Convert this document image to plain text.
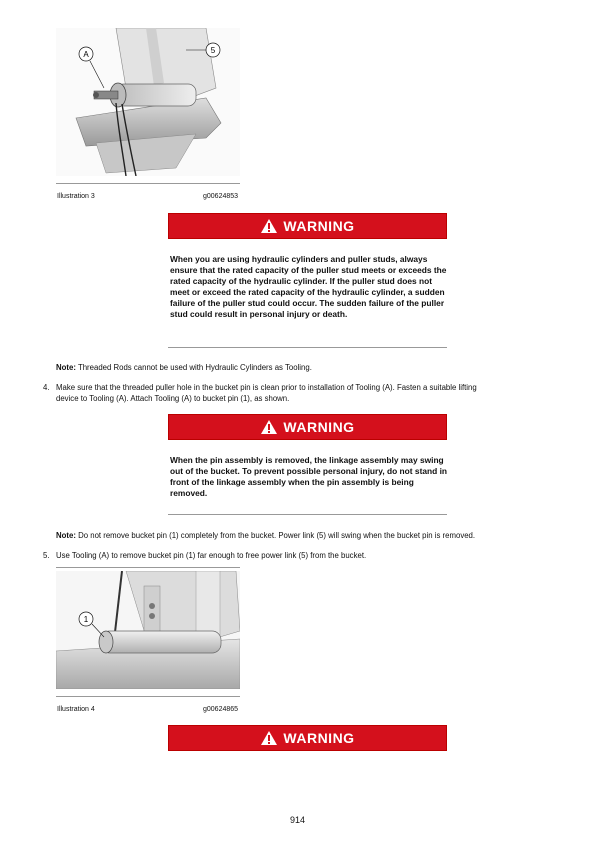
A	5
Illustration 3	g00624853
WARNING
When you are using hydraulic cylinders and puller studs, always ensure that the rated capacity of the puller stud meets or exceeds the rated capacity of the hydraulic cylinder. If the puller stud does not meet or exceed the rated capacity of the hydraulic cylinder, a sudden failure of the puller stud could occur. The sudden failure of the puller stud could result in personal injury or death.
Note: Threaded Rods cannot be used with Hydraulic Cylinders as Tooling.
4. Make sure that the threaded puller hole in the bucket pin is clean prior to installation of Tooling (A). Fasten a suitable lifting
device to Tooling (A). Attach Tooling (A) to bucket pin (1), as shown.
WARNING
When the pin assembly is removed, the linkage assembly may swing out of the bucket. To prevent possible personal injury, do not stand in front of the linkage assembly when the pin assembly is being removed.
Note: Do not remove bucket pin (1) completely from the bucket. Power link (5) will swing when the bucket pin is removed.
5. Use Tooling (A) to remove bucket pin (1) far enough to free power link (5) from the bucket.
1
Illustration 4	g00624865
WARNING
914
